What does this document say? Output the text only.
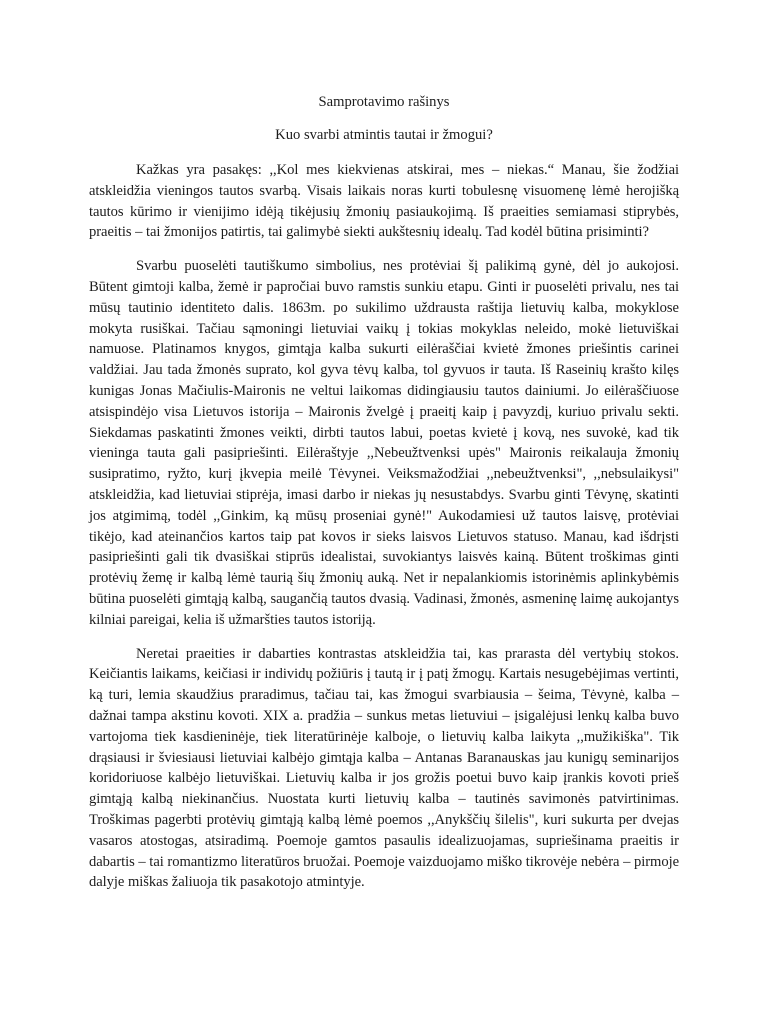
Samprotavimo rašinys
Kuo svarbi atmintis tautai ir žmogui?

Kažkas yra pasakęs: ,,Kol mes kiekvienas atskirai, mes – niekas.“ Manau, šie žodžiai atskleidžia vieningos tautos svarbą. Visais laikais noras kurti tobulesnę visuomenę lėmė herojišką tautos kūrimo ir vienijimo idėją tikėjusių žmonių pasiaukojimą. Iš praeities semiamasi stiprybės, praeitis – tai žmonijos patirtis, tai galimybė siekti aukštesnių idealų. Tad kodėl būtina prisiminti?

Svarbu puoselėti tautiškumo simbolius, nes protėviai šį palikimą gynė, dėl jo aukojosi. Būtent gimtoji kalba, žemė ir papročiai buvo ramstis sunkiu etapu. Ginti ir puoselėti privalu, nes tai mūsų tautinio identiteto dalis. 1863m. po sukilimo uždrausta raštija lietuvių kalba, mokyklose mokyta rusiškai. Tačiau sąmoningi lietuviai vaikų į tokias mokyklas neleido, mokė lietuviškai namuose. Platinamos knygos, gimtąja kalba sukurti eilėraščiai kvietė žmones priešintis carinei valdžiai. Jau tada žmonės suprato, kol gyva tėvų kalba, tol gyvuos ir tauta. Iš Raseinių krašto kilęs kunigas Jonas Mačiulis-Maironis ne veltui laikomas didingiausiu tautos dainiumi. Jo eilėraščiuose atsispindėjo visa Lietuvos istorija – Maironis žvelgė į praeitį kaip į pavyzdį, kuriuo privalu sekti. Siekdamas paskatinti žmones veikti, dirbti tautos labui, poetas kvietė į kovą, nes suvokė, kad tik vieninga tauta gali pasipriešinti. Eilėraštyje ,,Nebeužtvenksi upės" Maironis reikalauja žmonių susipratimo, ryžto, kurį įkvepia meilė Tėvynei. Veiksmažodžiai ,,nebeužtvenksi", ,,nebsulaikysi" atskleidžia, kad lietuviai stiprėja, imasi darbo ir niekas jų nesustabdys. Svarbu ginti Tėvynę, skatinti jos atgimimą, todėl ,,Ginkim, ką mūsų proseniai gynė!" Aukodamiesi už tautos laisvę, protėviai tikėjo, kad ateinančios kartos taip pat kovos ir sieks laisvos Lietuvos statuso. Manau, kad išdrįsti pasipriešinti gali tik dvasiškai stiprūs idealistai, suvokiantys laisvės kainą. Būtent troškimas ginti protėvių žemę ir kalbą lėmė taurią šių žmonių auką. Net ir nepalankiomis istorinėmis aplinkybėmis būtina puoselėti gimtąją kalbą, saugančią tautos dvasią. Vadinasi, žmonės, asmeninę laimę aukojantys kilniai pareigai, kelia iš užmaršties tautos istoriją.

Neretai praeities ir dabarties kontrastas atskleidžia tai, kas prarasta dėl vertybių stokos. Keičiantis laikams, keičiasi ir individų požiūris į tautą ir į patį žmogų. Kartais nesugebėjimas vertinti, ką turi, lemia skaudžius praradimus, tačiau tai, kas žmogui svarbiausia – šeima, Tėvynė, kalba – dažnai tampa akstinu kovoti. XIX a. pradžia – sunkus metas lietuviui – įsigalėjusi lenkų kalba buvo vartojoma tiek kasdieninėje, tiek literatūrinėje kalboje, o lietuvių kalba laikyta ,,mužikiška". Tik drąsiausi ir šviesiausi lietuviai kalbėjo gimtąja kalba – Antanas Baranauskas jau kunigų seminarijos koridoriuose kalbėjo lietuviškai. Lietuvių kalba ir jos grožis poetui buvo kaip įrankis kovoti prieš gimtąją kalbą niekinančius. Nuostata kurti lietuvių kalba – tautinės savimonės patvirtinimas. Troškimas pagerbti protėvių gimtąją kalbą lėmė poemos ,,Anykščių šilelis", kuri sukurta per dvejas vasaros atostogas, atsiradimą. Poemoje gamtos pasaulis idealizuojamas, supriešinama praeitis ir dabartis – tai romantizmo literatūros bruožai. Poemoje vaizduojamo miško tikrovėje nebėra – pirmoje dalyje miškas žaliuoja tik pasakotojo atmintyje.
